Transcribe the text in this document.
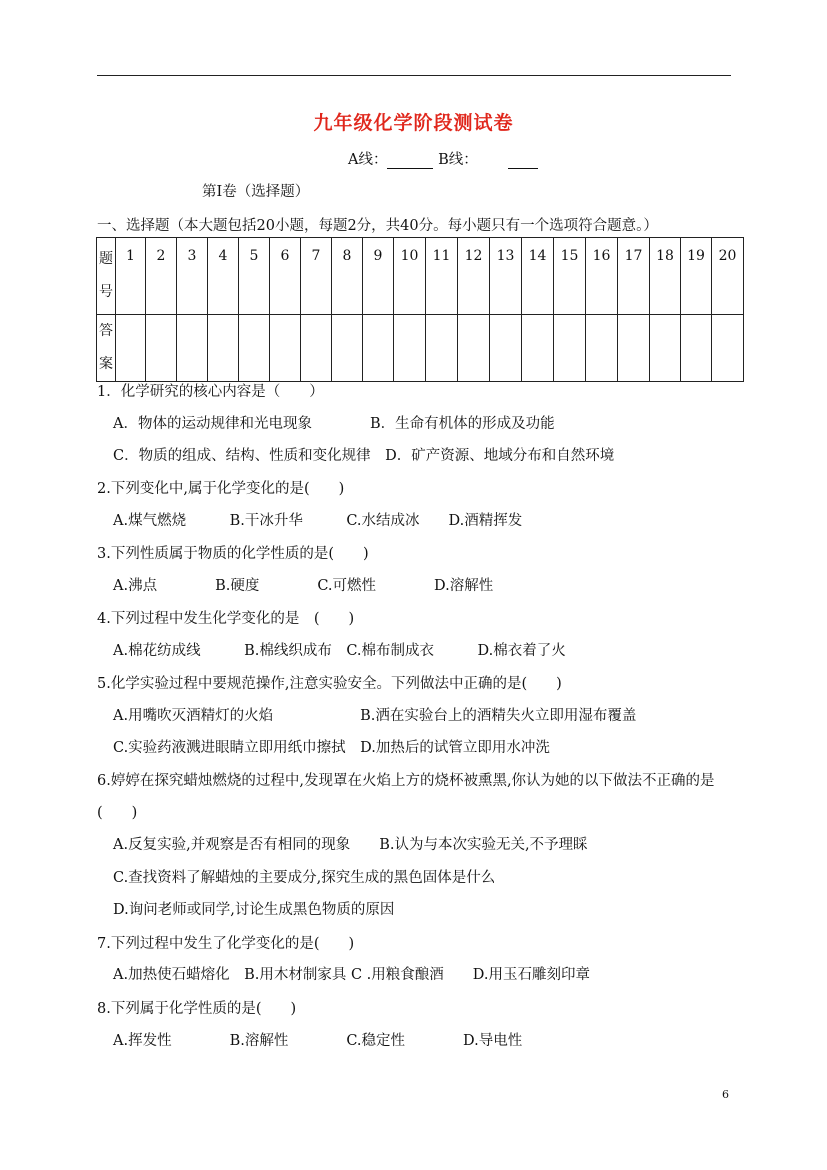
九年级化学阶段测试卷
A线：	B线：
第Ⅰ卷（选择题）
一、选择题（本大题包括20小题，每题2分，共40分。每小题只有一个选项符合题意。）
题
号	1	2	3	4	5	6	7	8	9	10	11	12	13	14	15	16	17	18	19	20
答
案																				
1．化学研究的核心内容是（　　）
A．物体的运动规律和光电现象　　　　B．生命有机体的形成及功能
C．物质的组成、结构、性质和变化规律　D．矿产资源、地域分布和自然环境
2.下列变化中,属于化学变化的是(　　)
A.煤气燃烧　　　B.干冰升华　　　C.水结成冰　　D.酒精挥发
3.下列性质属于物质的化学性质的是(　　)
A.沸点　　　　B.硬度　　　　C.可燃性　　　　D.溶解性
4.下列过程中发生化学变化的是　(　　)
A.棉花纺成线　　　B.棉线织成布　C.棉布制成衣　　　D.棉衣着了火
5.化学实验过程中要规范操作,注意实验安全。下列做法中正确的是(　　)
A.用嘴吹灭酒精灯的火焰　　　　　　B.洒在实验台上的酒精失火立即用湿布覆盖
C.实验药液溅进眼睛立即用纸巾擦拭　D.加热后的试管立即用水冲洗
6.婷婷在探究蜡烛燃烧的过程中,发现罩在火焰上方的烧杯被熏黑,你认为她的以下做法不正确的是
(　　)
A.反复实验,并观察是否有相同的现象　　B.认为与本次实验无关,不予理睬
C.查找资料了解蜡烛的主要成分,探究生成的黑色固体是什么
D.询问老师或同学,讨论生成黑色物质的原因
7.下列过程中发生了化学变化的是(　　)
A.加热使石蜡熔化　B.用木材制家具 C .用粮食酿酒　　D.用玉石雕刻印章
8.下列属于化学性质的是(　　)
A.挥发性　　　　B.溶解性　　　　C.稳定性　　　　D.导电性
6
